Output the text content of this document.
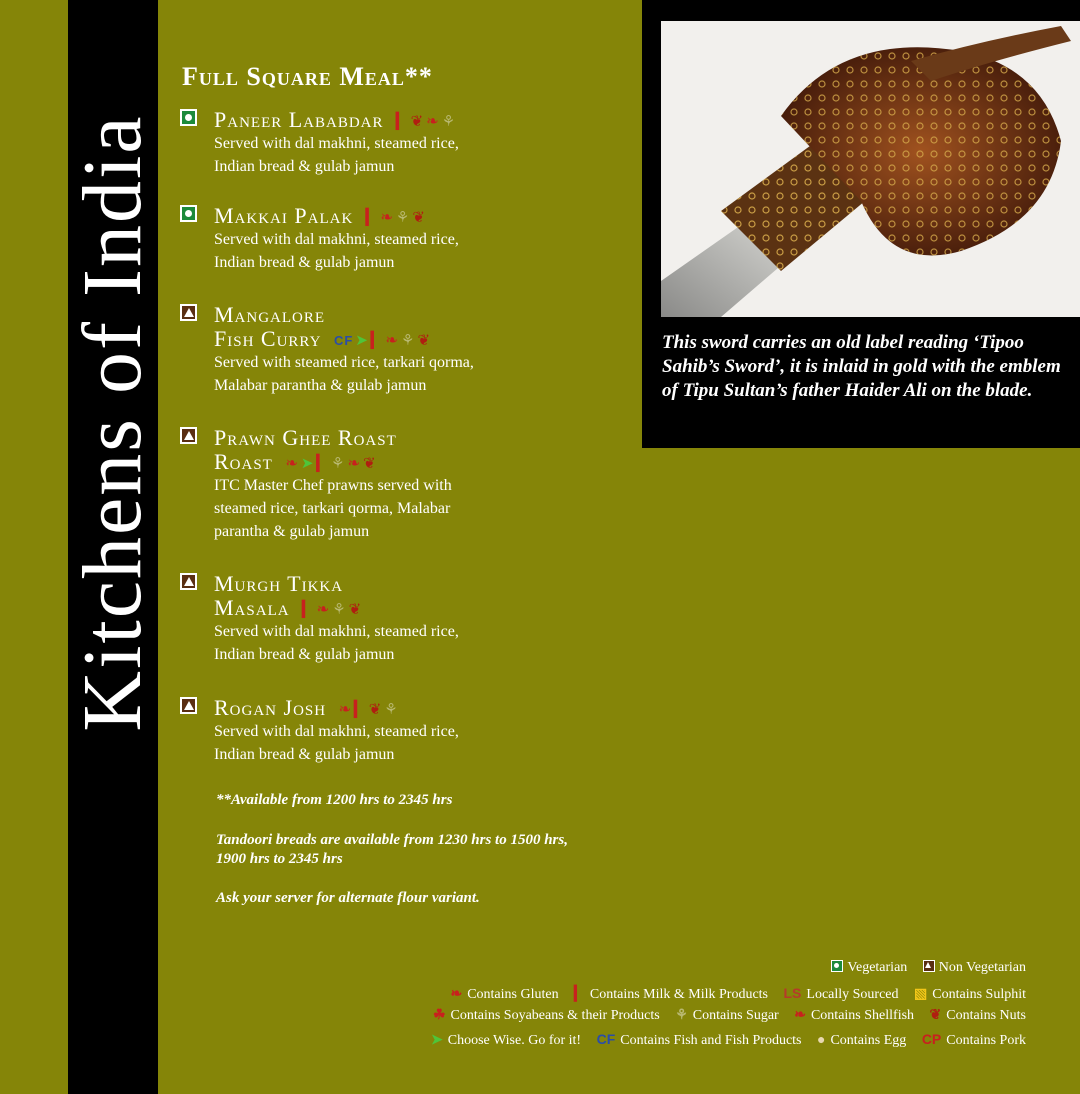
Kitchens of India
Full Square Meal**
Paneer Lababdar ▎ ❦ ❧ ⚘
Served with dal makhni, steamed rice,
Indian bread & gulab jamun
Makkai Palak ▎ ❧ ⚘ ❦
Served with dal makhni, steamed rice,
Indian bread & gulab jamun
Mangalore
Fish Curry CF ➤ ▎ ❧ ⚘ ❦
Served with steamed rice, tarkari qorma,
Malabar parantha & gulab jamun
Prawn Ghee Roast
Roast ❧ ➤ ▎ ⚘ ❧ ❦
ITC Master Chef prawns served with
steamed rice, tarkari qorma, Malabar
parantha & gulab jamun
Murgh Tikka
Masala ▎ ❧ ⚘ ❦
Served with dal makhni, steamed rice,
Indian bread & gulab jamun
Rogan Josh ❧ ▎ ❦ ⚘
Served with dal makhni, steamed rice,
Indian bread & gulab jamun
**Available from 1200 hrs to 2345 hrs
Tandoori breads are available from 1230 hrs to 1500 hrs,
1900 hrs to 2345 hrs
Ask your server for alternate flour variant.
This sword carries an old label reading ‘Tipoo Sahib’s Sword’, it is inlaid in gold with the emblem of Tipu Sultan’s father Haider Ali on the blade.
Vegetarian Non Vegetarian
❧ Contains Gluten ▎ Contains Milk & Milk Products LS Locally Sourced ▧ Contains Sulphit
☘ Contains Soyabeans & their Products ⚘ Contains Sugar ❧ Contains Shellfish ❦ Contains Nuts
➤ Choose Wise. Go for it! CF Contains Fish and Fish Products ● Contains Egg CP Contains Pork
